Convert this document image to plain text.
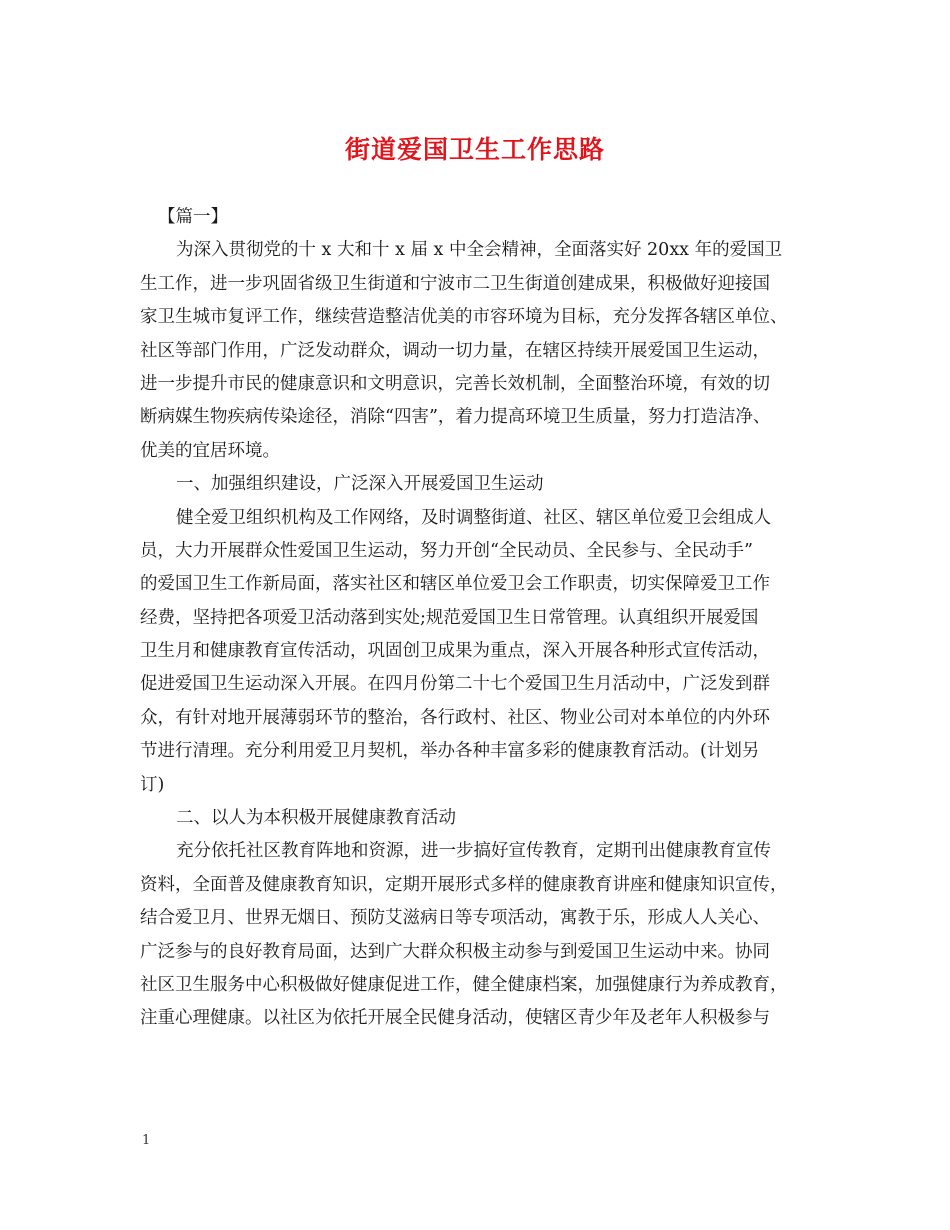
街道爱国卫生工作思路
【篇一】
为深入贯彻党的十 x 大和十 x 届 x 中全会精神，全面落实好 20xx 年的爱国卫
生工作，进一步巩固省级卫生街道和宁波市二卫生街道创建成果，积极做好迎接国
家卫生城市复评工作，继续营造整洁优美的市容环境为目标，充分发挥各辖区单位、
社区等部门作用，广泛发动群众，调动一切力量，在辖区持续开展爱国卫生运动，
进一步提升市民的健康意识和文明意识，完善长效机制，全面整治环境，有效的切
断病媒生物疾病传染途径，消除“四害”，着力提高环境卫生质量，努力打造洁净、
优美的宜居环境。
一、加强组织建设，广泛深入开展爱国卫生运动
健全爱卫组织机构及工作网络，及时调整街道、社区、辖区单位爱卫会组成人
员，大力开展群众性爱国卫生运动，努力开创“全民动员、全民参与、全民动手”
的爱国卫生工作新局面，落实社区和辖区单位爱卫会工作职责，切实保障爱卫工作
经费，坚持把各项爱卫活动落到实处;规范爱国卫生日常管理。认真组织开展爱国
卫生月和健康教育宣传活动，巩固创卫成果为重点，深入开展各种形式宣传活动，
促进爱国卫生运动深入开展。在四月份第二十七个爱国卫生月活动中，广泛发到群
众，有针对地开展薄弱环节的整治，各行政村、社区、物业公司对本单位的内外环
节进行清理。充分利用爱卫月契机，举办各种丰富多彩的健康教育活动。(计划另
订)
二、以人为本积极开展健康教育活动
充分依托社区教育阵地和资源，进一步搞好宣传教育，定期刊出健康教育宣传
资料，全面普及健康教育知识，定期开展形式多样的健康教育讲座和健康知识宣传，
结合爱卫月、世界无烟日、预防艾滋病日等专项活动，寓教于乐，形成人人关心、
广泛参与的良好教育局面，达到广大群众积极主动参与到爱国卫生运动中来。协同
社区卫生服务中心积极做好健康促进工作，健全健康档案，加强健康行为养成教育，
注重心理健康。以社区为依托开展全民健身活动，使辖区青少年及老年人积极参与
1
